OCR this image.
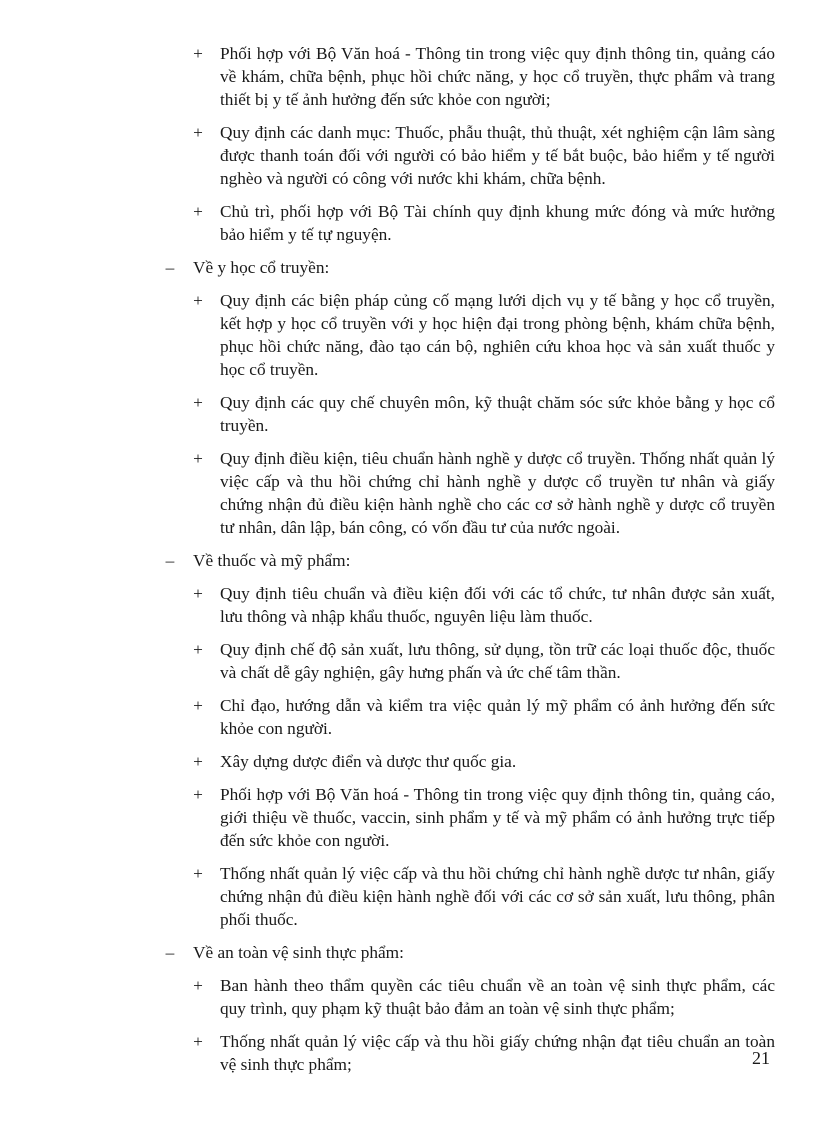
+ Phối hợp với Bộ Văn hoá - Thông tin trong việc quy định thông tin, quảng cáo về khám, chữa bệnh, phục hồi chức năng, y học cổ truyền, thực phẩm và trang thiết bị y tế ảnh hưởng đến sức khỏe con người;
+ Quy định các danh mục: Thuốc, phẫu thuật, thủ thuật, xét nghiệm cận lâm sàng được thanh toán đối với người có bảo hiểm y tế bắt buộc, bảo hiểm y tế người nghèo và người có công với nước khi khám, chữa bệnh.
+ Chủ trì, phối hợp với Bộ Tài chính quy định khung mức đóng và mức hưởng bảo hiểm y tế tự nguyện.
– Về y học cổ truyền:
+ Quy định các biện pháp củng cố mạng lưới dịch vụ y tế bằng y học cổ truyền, kết hợp y học cổ truyền với y học hiện đại trong phòng bệnh, khám chữa bệnh, phục hồi chức năng, đào tạo cán bộ, nghiên cứu khoa học và sản xuất thuốc y học cổ truyền.
+ Quy định các quy chế chuyên môn, kỹ thuật chăm sóc sức khỏe bằng y học cổ truyền.
+ Quy định điều kiện, tiêu chuẩn hành nghề y dược cổ truyền. Thống nhất quản lý việc cấp và thu hồi chứng chỉ hành nghề y dược cổ truyền tư nhân và giấy chứng nhận đủ điều kiện hành nghề cho các cơ sở hành nghề y dược cổ truyền tư nhân, dân lập, bán công, có vốn đầu tư của nước ngoài.
– Về thuốc và mỹ phẩm:
+ Quy định tiêu chuẩn và điều kiện đối với các tổ chức, tư nhân được sản xuất, lưu thông và nhập khẩu thuốc, nguyên liệu làm thuốc.
+ Quy định chế độ sản xuất, lưu thông, sử dụng, tồn trữ các loại thuốc độc, thuốc và chất dễ gây nghiện, gây hưng phấn và ức chế tâm thần.
+ Chỉ đạo, hướng dẫn và kiểm tra việc quản lý mỹ phẩm có ảnh hưởng đến sức khỏe con người.
+ Xây dựng dược điển và dược thư quốc gia.
+ Phối hợp với Bộ Văn hoá - Thông tin trong việc quy định thông tin, quảng cáo, giới thiệu về thuốc, vaccin, sinh phẩm y tế và mỹ phẩm có ảnh hưởng trực tiếp đến sức khỏe con người.
+ Thống nhất quản lý việc cấp và thu hồi chứng chỉ hành nghề dược tư nhân, giấy chứng nhận đủ điều kiện hành nghề đối với các cơ sở sản xuất, lưu thông, phân phối thuốc.
– Về an toàn vệ sinh thực phẩm:
+ Ban hành theo thẩm quyền các tiêu chuẩn về an toàn vệ sinh thực phẩm, các quy trình, quy phạm kỹ thuật bảo đảm an toàn vệ sinh thực phẩm;
+ Thống nhất quản lý việc cấp và thu hồi giấy chứng nhận đạt tiêu chuẩn an toàn vệ sinh thực phẩm;	21
